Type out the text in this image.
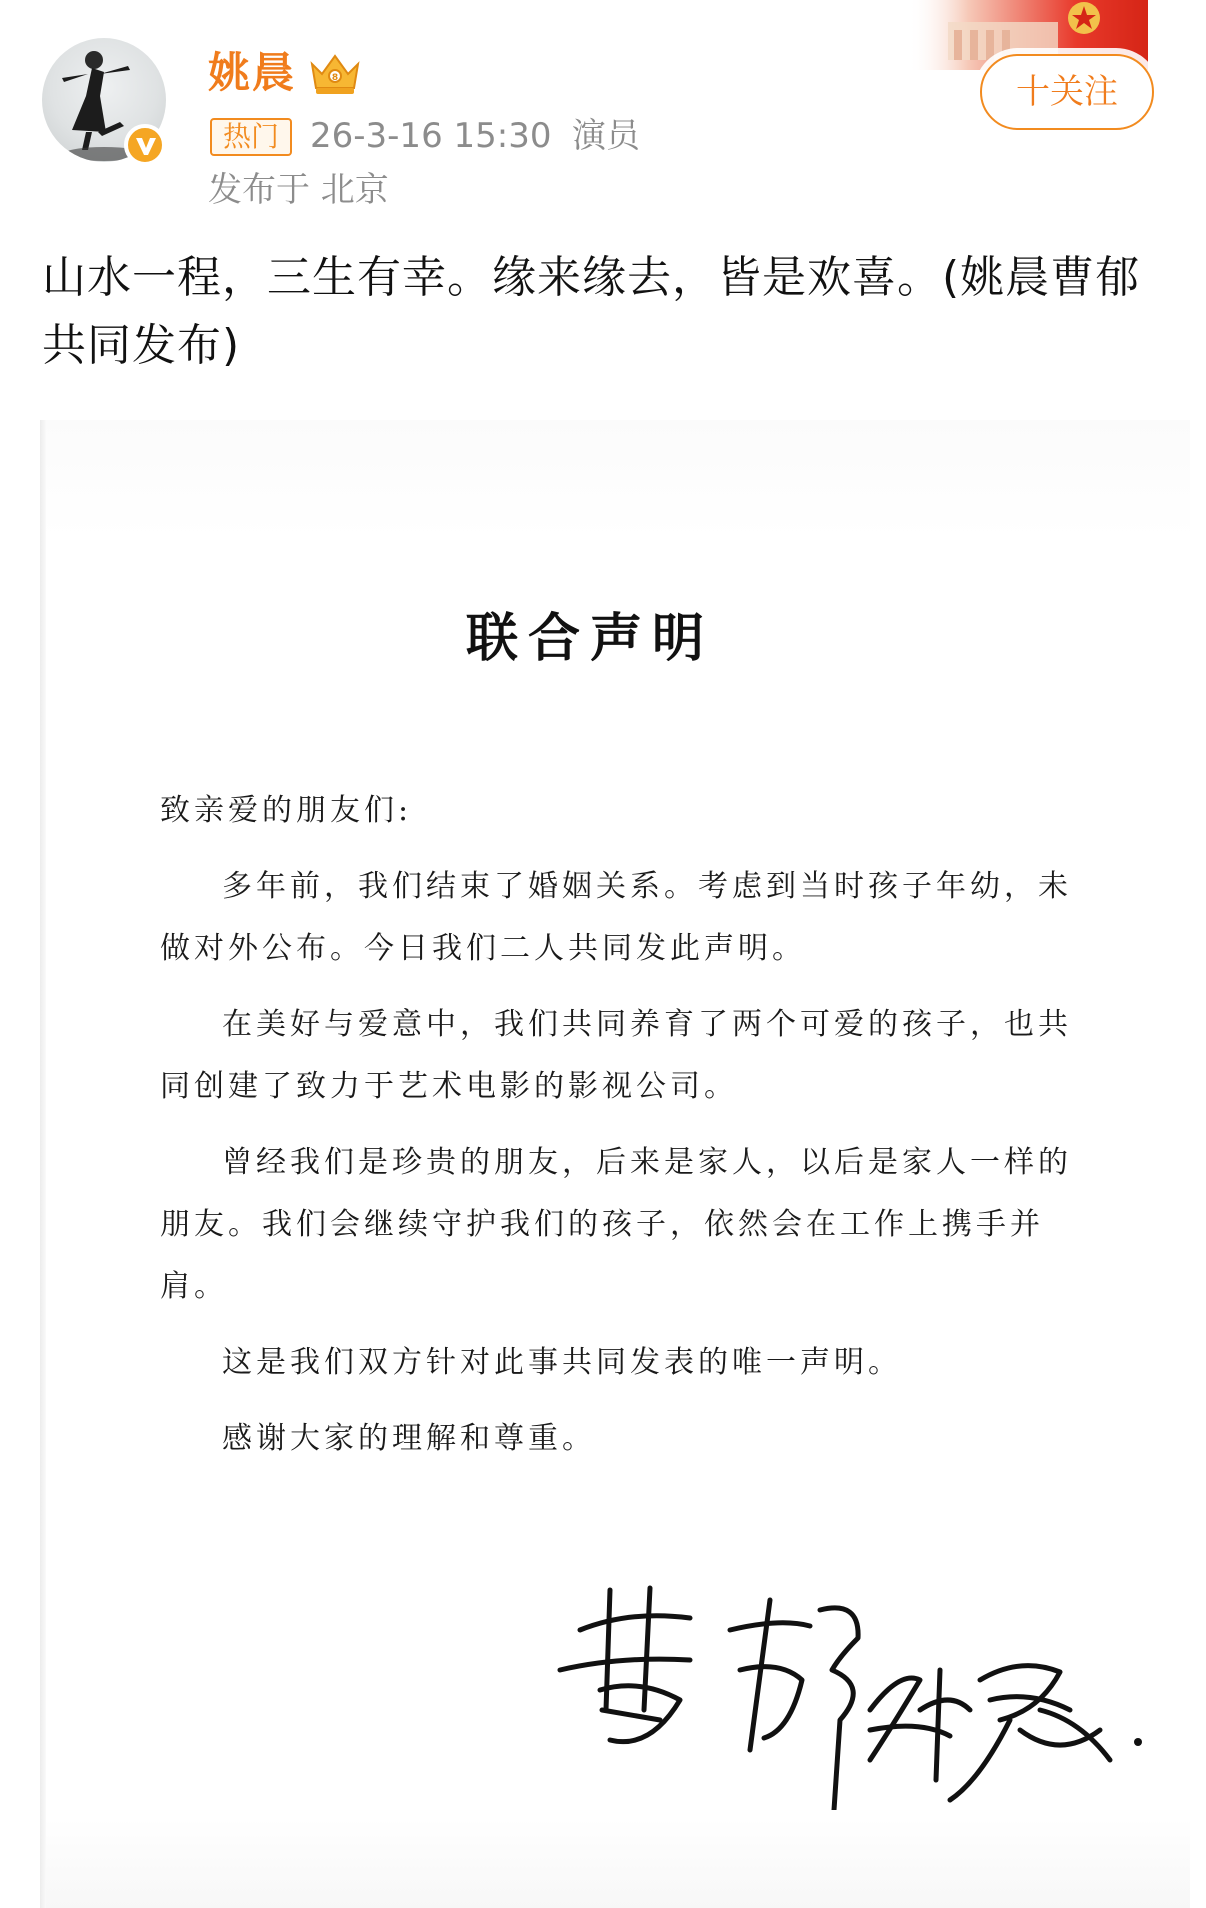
姚晨	8
热门 26-3-16 15:30 演员
发布于 北京
十关注
山水一程，三生有幸。缘来缘去，皆是欢喜。(姚晨曹郁共同发布)
联合声明

致亲爱的朋友们:

多年前，我们结束了婚姻关系。考虑到当时孩子年幼，未做对外公布。今日我们二人共同发此声明。

在美好与爱意中，我们共同养育了两个可爱的孩子，也共同创建了致力于艺术电影的影视公司。

曾经我们是珍贵的朋友，后来是家人，以后是家人一样的朋友。我们会继续守护我们的孩子，依然会在工作上携手并肩。

这是我们双方针对此事共同发表的唯一声明。

感谢大家的理解和尊重。
